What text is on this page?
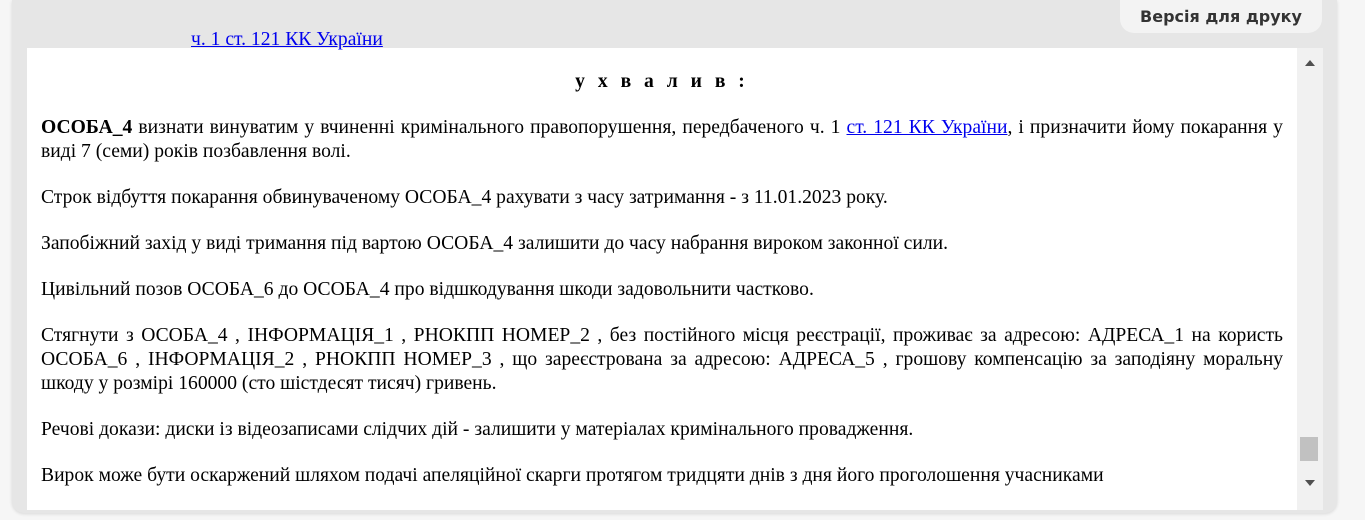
Версія для друку
ч. 1 ст. 121 КК України

у х в а л и в :

ОСОБА_4 визнати винуватим у вчиненні кримінального правопорушення, передбаченого ч. 1 ст. 121 КК України, і призначити йому покарання у виді 7 (семи) років позбавлення волі.

Строк відбуття покарання обвинуваченому ОСОБА_4 рахувати з часу затримання - з 11.01.2023 року.

Запобіжний захід у виді тримання під вартою ОСОБА_4 залишити до часу набрання вироком законної сили.

Цивільний позов ОСОБА_6 до ОСОБА_4 про відшкодування шкоди задовольнити частково.

Стягнути з ОСОБА_4 , ІНФОРМАЦІЯ_1 , РНОКПП НОМЕР_2 , без постійного місця реєстрації, проживає за адресою: АДРЕСА_1 на користь ОСОБА_6 , ІНФОРМАЦІЯ_2 , РНОКПП НОМЕР_3 , що зареєстрована за адресою: АДРЕСА_5 , грошову компенсацію за заподіяну моральну шкоду у розмірі 160000 (сто шістдесят тисяч) гривень.

Речові докази: диски із відеозаписами слідчих дій - залишити у матеріалах кримінального провадження.

Вирок може бути оскаржений шляхом подачі апеляційної скарги протягом тридцяти днів з дня його проголошення учасниками
